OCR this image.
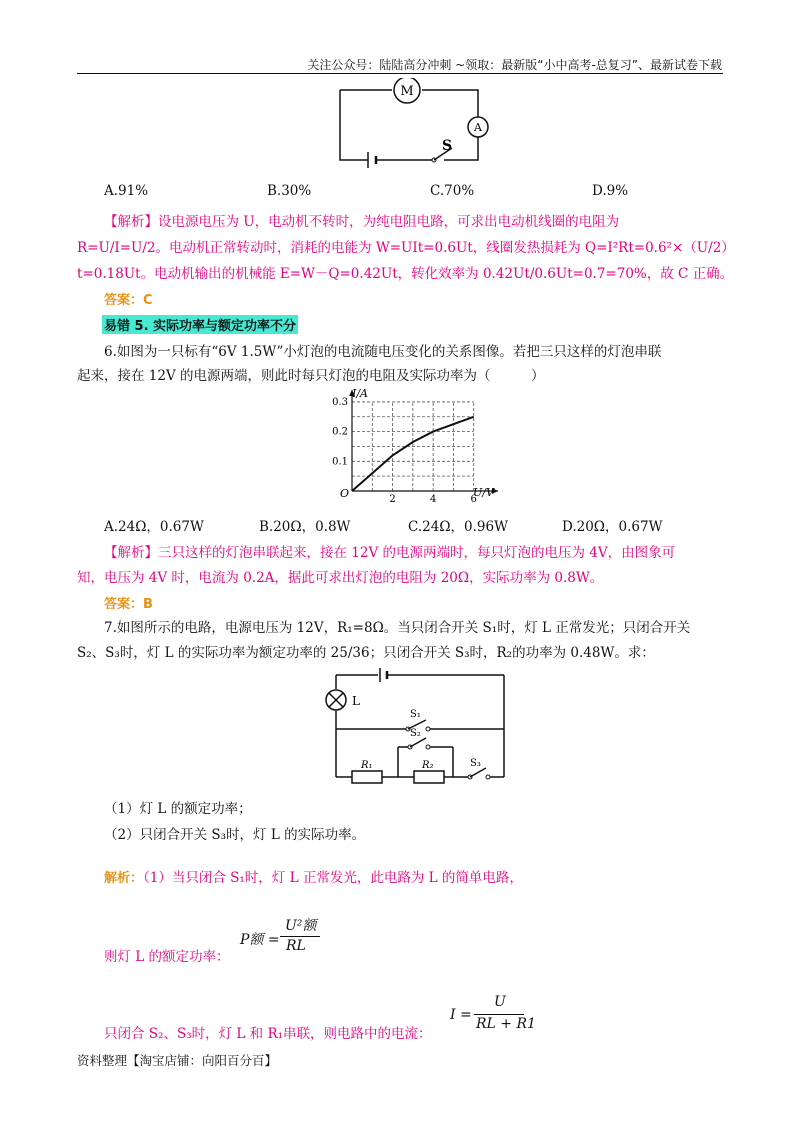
关注公众号：陆陆高分冲刺 ~领取：最新版“小中高考-总复习”、最新试卷下载
M
A
S
A.91%	B.30%	C.70%	D.9%
【解析】设电源电压为 U，电动机不转时，为纯电阻电路，可求出电动机线圈的电阻为
R=U/I=U/2。电动机正常转动时，消耗的电能为 W=UIt=0.6Ut，线圈发热损耗为 Q=I²Rt=0.6²×（U/2）
t=0.18Ut。电动机输出的机械能 E=W－Q=0.42Ut，转化效率为 0.42Ut/0.6Ut=0.7=70%，故 C 正确。
答案：C
易错 5. 实际功率与额定功率不分
6.如图为一只标有“6V 1.5W”小灯泡的电流随电压变化的关系图像。若把三只这样的灯泡串联
起来，接在 12V 的电源两端，则此时每只灯泡的电阻及实际功率为（　　　）
2	4	6
0.1
0.2
0.3
I/A
U/V
O
A.24Ω，0.67W	B.20Ω，0.8W	C.24Ω，0.96W	D.20Ω，0.67W
【解析】三只这样的灯泡串联起来，接在 12V 的电源两端时，每只灯泡的电压为 4V，由图象可
知，电压为 4V 时，电流为 0.2A，据此可求出灯泡的电阻为 20Ω，实际功率为 0.8W。
答案：B
7.如图所示的电路，电源电压为 12V，R₁=8Ω。当只闭合开关 S₁时，灯 L 正常发光；只闭合开关
S₂、S₃时，灯 L 的实际功率为额定功率的 25/36；只闭合开关 S₃时，R₂的功率为 0.48W。求：
L
S₁
S₂
R₁	R₂	S₃
（1）灯 L 的额定功率；
（2）只闭合开关 S₃时，灯 L 的实际功率。
解析：（1）当只闭合 S₁时，灯 L 正常发光，此电路为 L 的简单电路，
则灯 L 的额定功率：
P额 =
U²额
RL
只闭合 S₂、S₃时，灯 L 和 R₁串联，则电路中的电流：
I =
U
RL + R1
资料整理【淘宝店铺：向阳百分百】
